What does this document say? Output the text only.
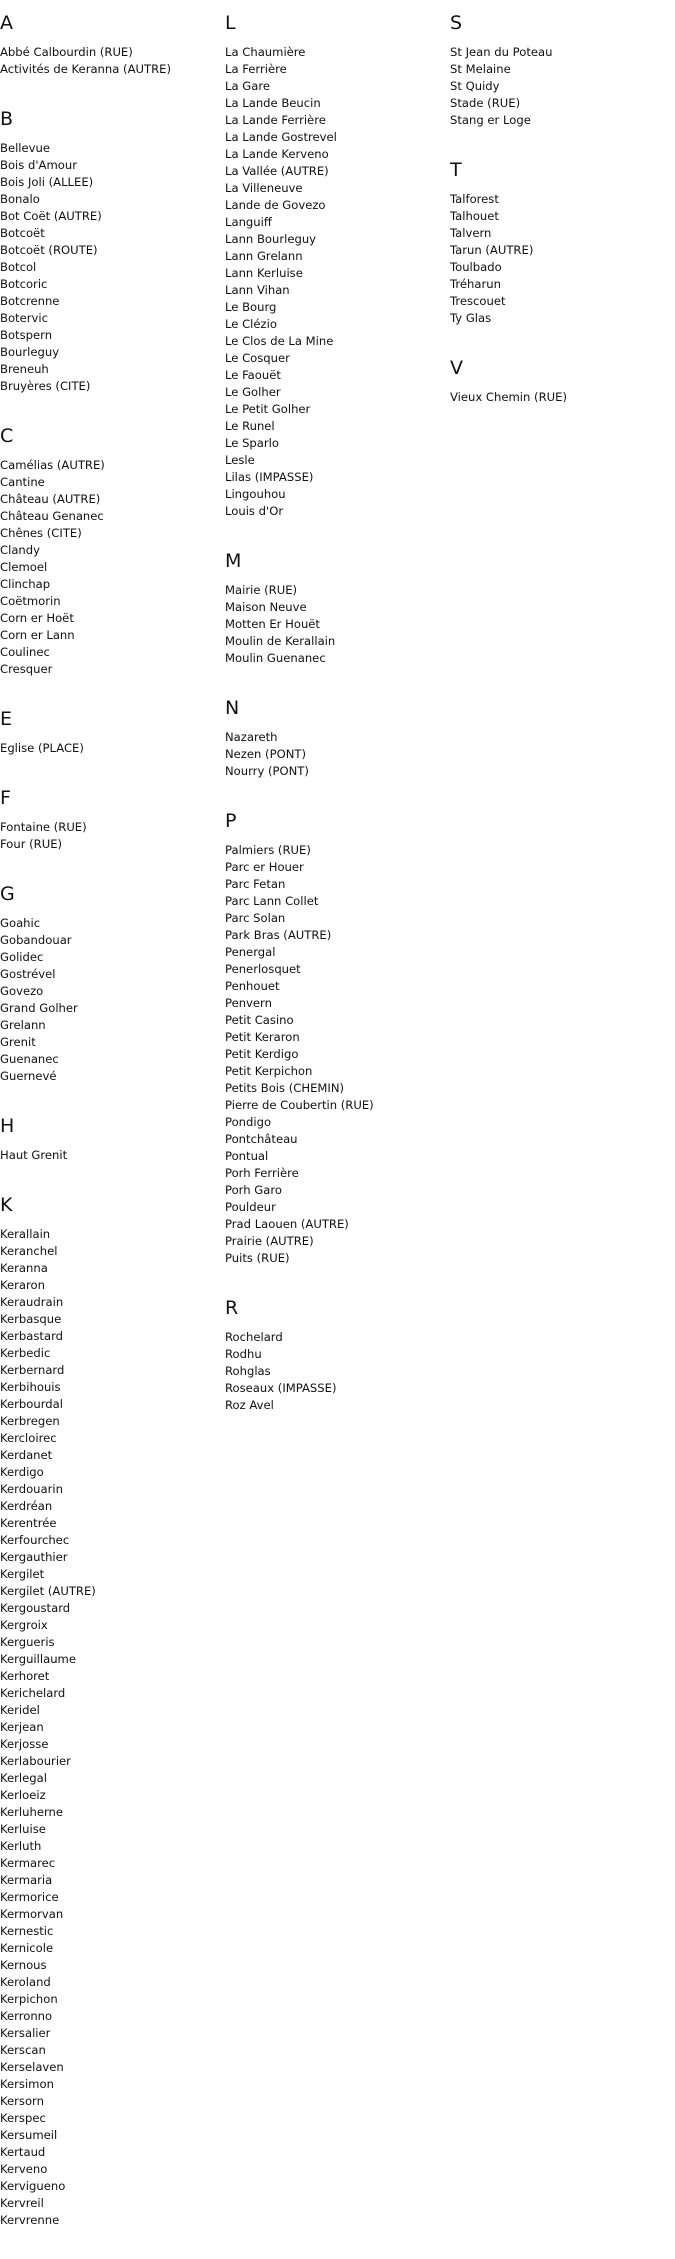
A
Abbé Calbourdin (RUE)
Activités de Keranna (AUTRE)
B
Bellevue
Bois d'Amour
Bois Joli (ALLEE)
Bonalo
Bot Coët (AUTRE)
Botcoët
Botcoët (ROUTE)
Botcol
Botcoric
Botcrenne
Botervic
Botspern
Bourleguy
Breneuh
Bruyères (CITE)
C
Camélias (AUTRE)
Cantine
Château (AUTRE)
Château Genanec
Chênes (CITE)
Clandy
Clemoel
Clinchap
Coëtmorin
Corn er Hoët
Corn er Lann
Coulinec
Cresquer
E
Eglise (PLACE)
F
Fontaine (RUE)
Four (RUE)
G
Goahic
Gobandouar
Golidec
Gostrével
Govezo
Grand Golher
Grelann
Grenit
Guenanec
Guernevé
H
Haut Grenit
K
Kerallain
Keranchel
Keranna
Keraron
Keraudrain
Kerbasque
Kerbastard
Kerbedic
Kerbernard
Kerbihouis
Kerbourdal
Kerbregen
Kercloirec
Kerdanet
Kerdigo
Kerdouarin
Kerdréan
Kerentrée
Kerfourchec
Kergauthier
Kergilet
Kergilet (AUTRE)
Kergoustard
Kergroix
Kergueris
Kerguillaume
Kerhoret
Kerichelard
Keridel
Kerjean
Kerjosse
Kerlabourier
Kerlegal
Kerloeiz
Kerluherne
Kerluise
Kerluth
Kermarec
Kermaria
Kermorice
Kermorvan
Kernestic
Kernicole
Kernous
Keroland
Kerpichon
Kerronno
Kersalier
Kerscan
Kerselaven
Kersimon
Kersorn
Kerspec
Kersumeil
Kertaud
Kerveno
Kervigueno
Kervreil
Kervrenne
L
La Chaumière
La Ferrière
La Gare
La Lande Beucin
La Lande Ferrière
La Lande Gostrevel
La Lande Kerveno
La Vallée (AUTRE)
La Villeneuve
Lande de Govezo
Languiff
Lann Bourleguy
Lann Grelann
Lann Kerluise
Lann Vihan
Le Bourg
Le Clézio
Le Clos de La Mine
Le Cosquer
Le Faouët
Le Golher
Le Petit Golher
Le Runel
Le Sparlo
Lesle
Lilas (IMPASSE)
Lingouhou
Louis d'Or
M
Mairie (RUE)
Maison Neuve
Motten Er Houët
Moulin de Kerallain
Moulin Guenanec
N
Nazareth
Nezen (PONT)
Nourry (PONT)
P
Palmiers (RUE)
Parc er Houer
Parc Fetan
Parc Lann Collet
Parc Solan
Park Bras (AUTRE)
Penergal
Penerlosquet
Penhouet
Penvern
Petit Casino
Petit Keraron
Petit Kerdigo
Petit Kerpichon
Petits Bois (CHEMIN)
Pierre de Coubertin (RUE)
Pondigo
Pontchâteau
Pontual
Porh Ferrière
Porh Garo
Pouldeur
Prad Laouen (AUTRE)
Prairie (AUTRE)
Puits (RUE)
R
Rochelard
Rodhu
Rohglas
Roseaux (IMPASSE)
Roz Avel
S
St Jean du Poteau
St Melaine
St Quidy
Stade (RUE)
Stang er Loge
T
Talforest
Talhouet
Talvern
Tarun (AUTRE)
Toulbado
Tréharun
Trescouet
Ty Glas
V
Vieux Chemin (RUE)
